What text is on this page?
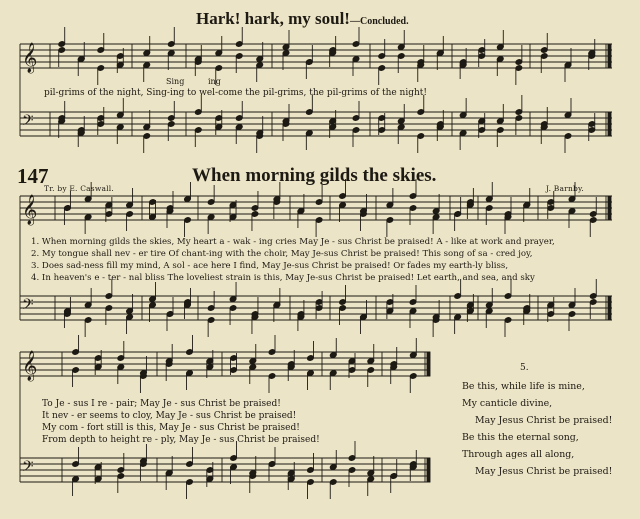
𝄞
𝄢
𝄞
𝄢
𝄞
𝄢
Hark! hark, my soul!—Concluded.
Sing	ing
pil-grims of the night, Sing-ing to wel-come the pil-grims, the pil-grims of the night!
147	When morning gilds the skies.
Tr. by E. Caswall.	J. Barnby.
1. When morning gilds the skies, My heart a - wak - ing cries May Je - sus Christ be praised! A - like at work and prayer,
2. My tongue shall nev - er tire Of chant-ing with the choir, May Je-sus Christ be praised! This song of sa - cred joy,
3. Does sad-ness fill my mind, A sol - ace here I find, May Je-sus Christ be praised! Or fades my earth-ly bliss,
4. In heaven's e - ter - nal bliss The loveliest strain is this, May Je-sus Christ be praised! Let earth, and sea, and sky
To Je - sus I re - pair; May Je - sus Christ be praised!
It nev - er seems to cloy, May Je - sus Christ be praised!
My com - fort still is this, May Je - sus Christ be praised!
From depth to height re - ply, May Je - sus Christ be praised!
5.
Be this, while life is mine,
My canticle divine,
May Jesus Christ be praised!
Be this the eternal song,
Through ages all along,
May Jesus Christ be praised!
